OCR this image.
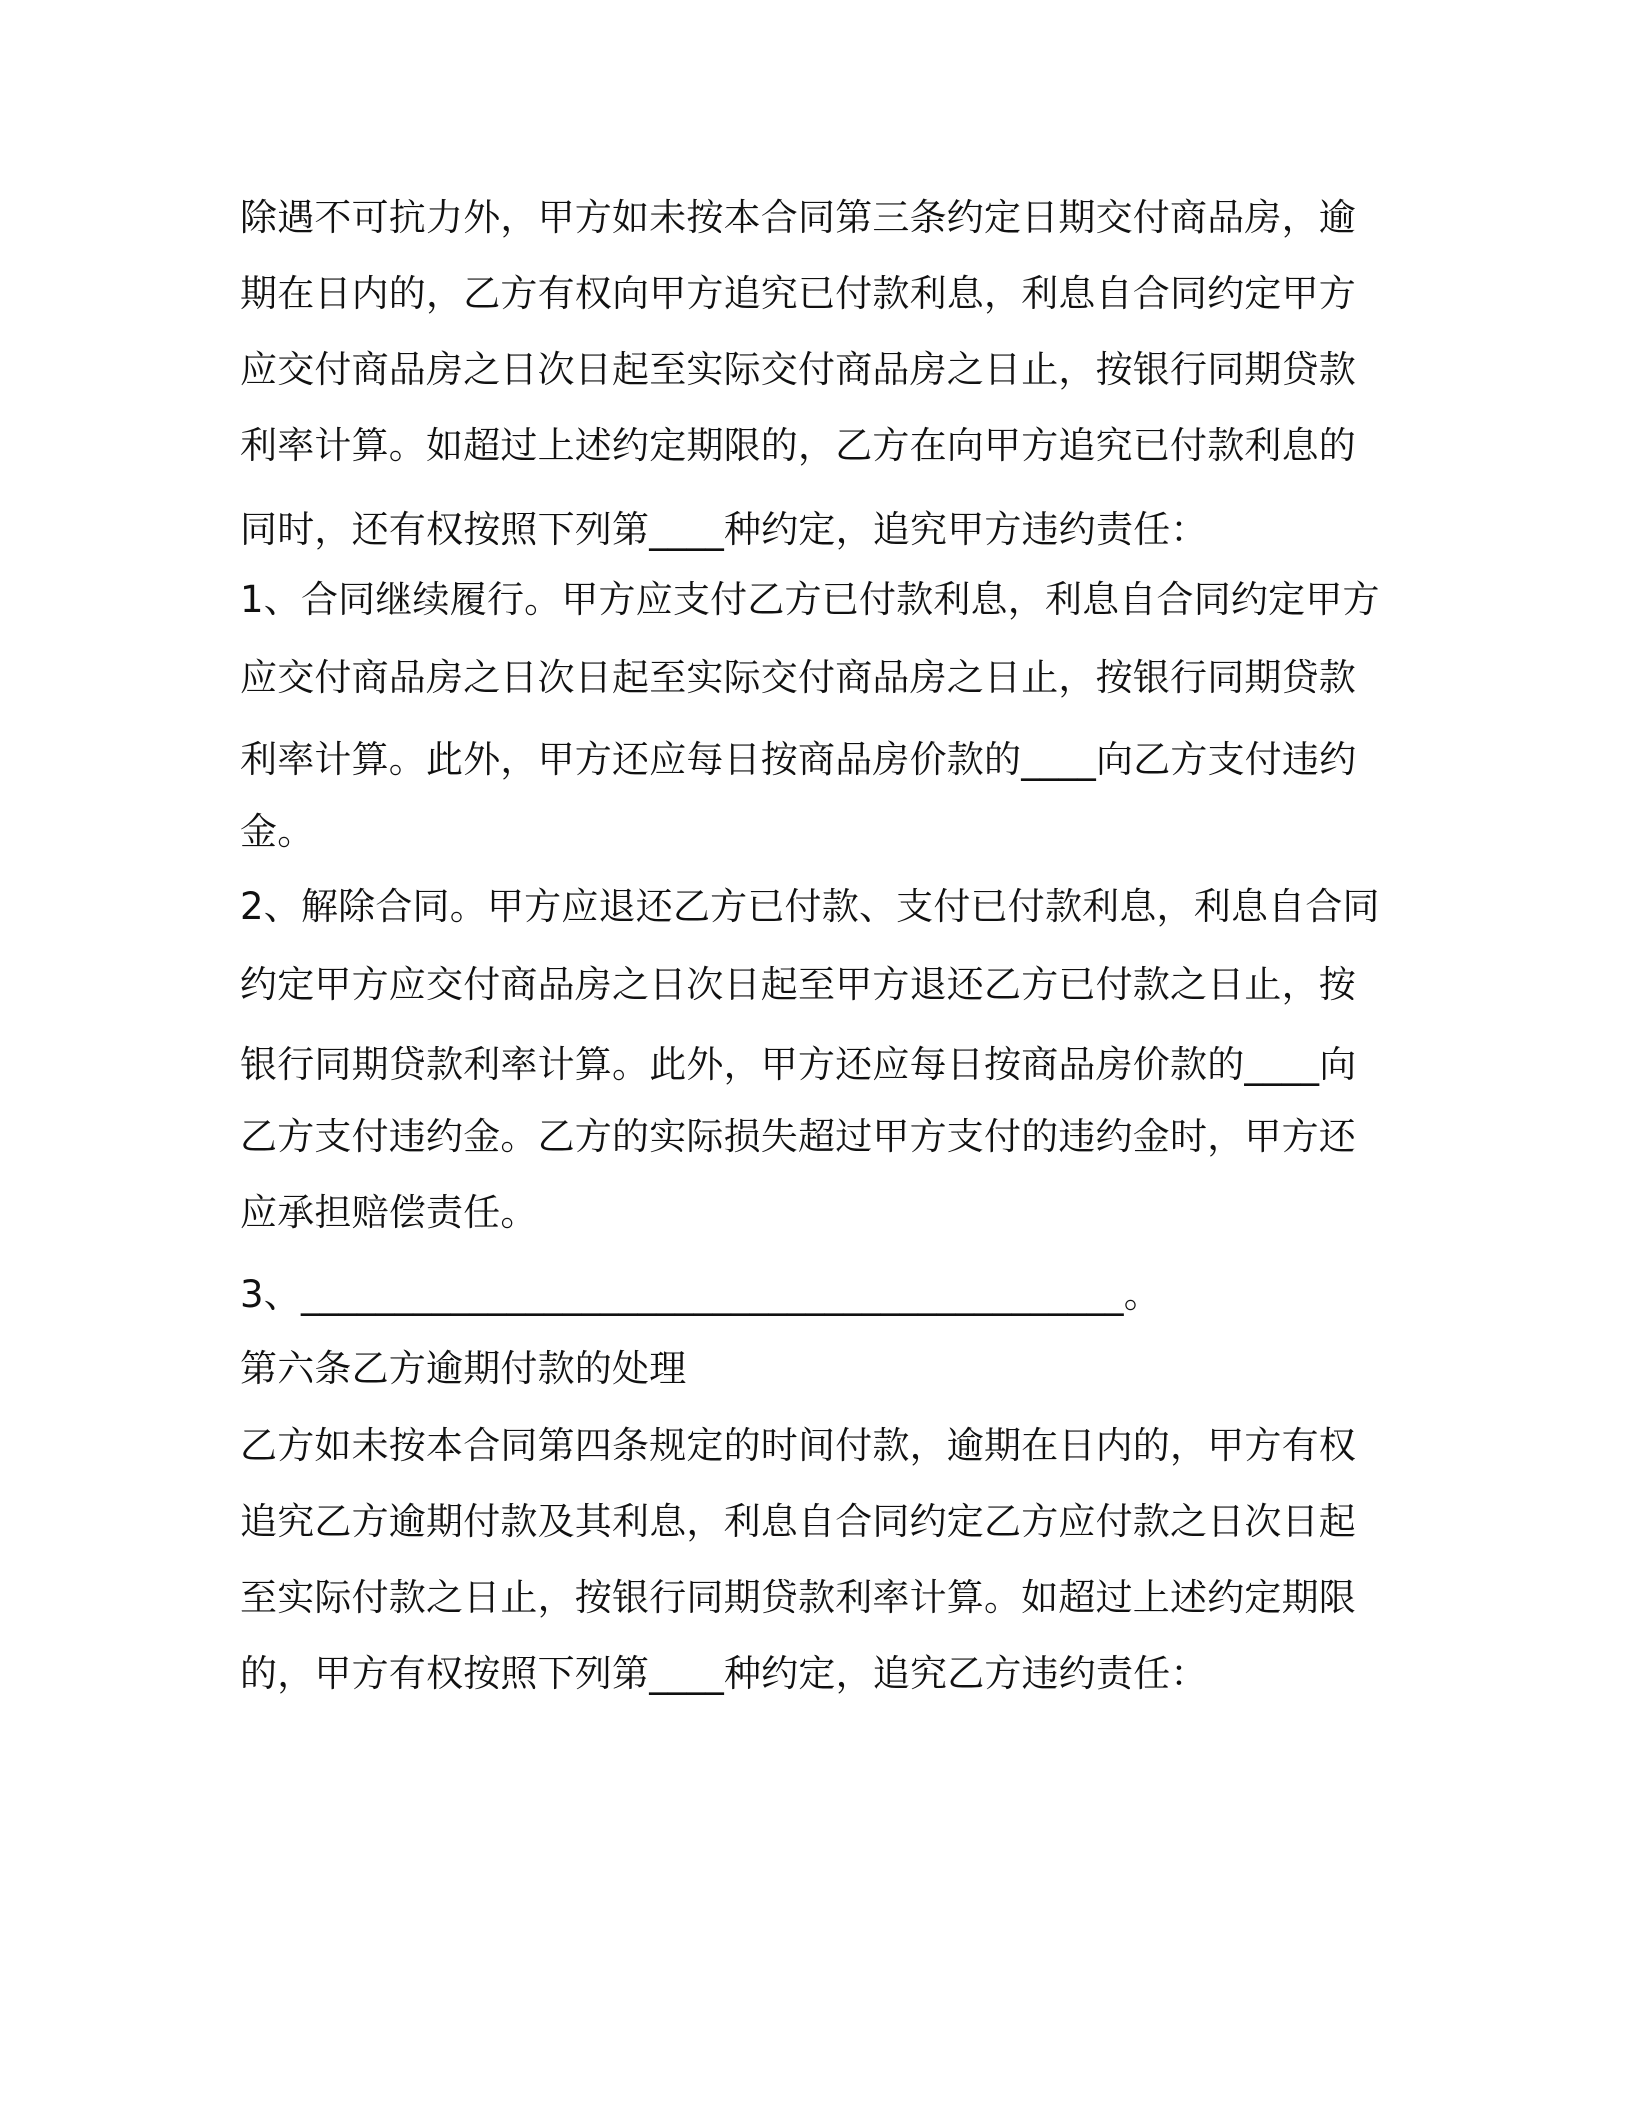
除遇不可抗力外，甲方如未按本合同第三条约定日期交付商品房，逾
期在日内的，乙方有权向甲方追究已付款利息，利息自合同约定甲方
应交付商品房之日次日起至实际交付商品房之日止，按银行同期贷款
利率计算。如超过上述约定期限的，乙方在向甲方追究已付款利息的
同时，还有权按照下列第____种约定，追究甲方违约责任：
1、合同继续履行。甲方应支付乙方已付款利息，利息自合同约定甲方
应交付商品房之日次日起至实际交付商品房之日止，按银行同期贷款
利率计算。此外，甲方还应每日按商品房价款的____向乙方支付违约
金。
2、解除合同。甲方应退还乙方已付款、支付已付款利息，利息自合同
约定甲方应交付商品房之日次日起至甲方退还乙方已付款之日止，按
银行同期贷款利率计算。此外，甲方还应每日按商品房价款的____向
乙方支付违约金。乙方的实际损失超过甲方支付的违约金时，甲方还
应承担赔偿责任。
3、____________________________________________。
第六条乙方逾期付款的处理
乙方如未按本合同第四条规定的时间付款，逾期在日内的，甲方有权
追究乙方逾期付款及其利息，利息自合同约定乙方应付款之日次日起
至实际付款之日止，按银行同期贷款利率计算。如超过上述约定期限
的，甲方有权按照下列第____种约定，追究乙方违约责任：
